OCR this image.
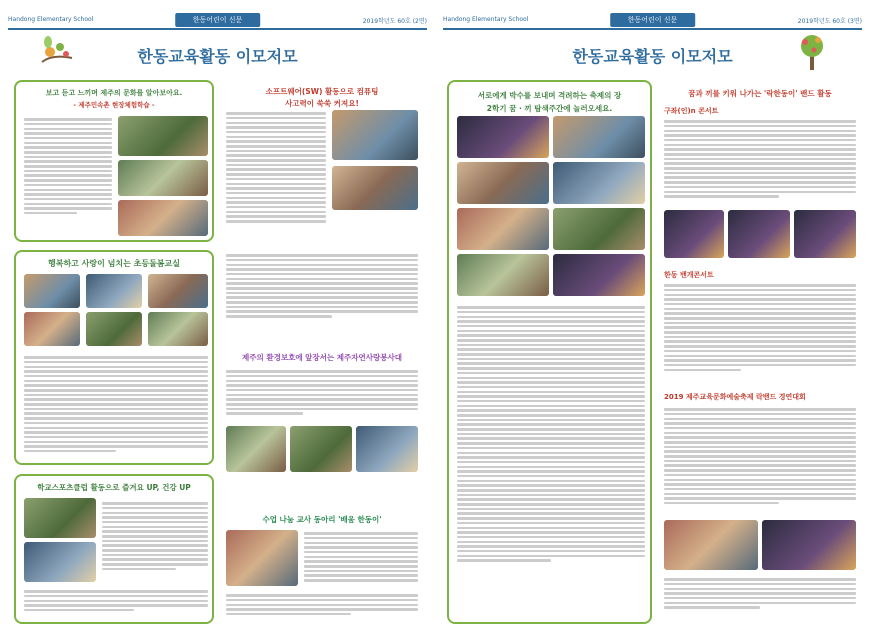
Handong Elementary School	한동어린이 신문	2019학년도 60호 (2면)
한동교육활동 이모저모
보고 듣고 느끼며 제주의 문화를 알아보아요.
- 제주민속촌 현장체험학습 -
행복하고 사랑이 넘치는 초등돌봄교실
학교스포츠클럽 활동으로 즐겨요 UP, 건강 UP
소프트웨어(SW) 활동으로 컴퓨팅
사고력이 쑥쑥 커져요!
제주의 환경보호에 앞장서는 제주자연사랑봉사대
수업 나눔 교사 동아리 '배움 한동이'
Handong Elementary School	한동어린이 신문	2019학년도 60호 (3면)
한동교육활동 이모저모
서로에게 박수를 보내며 격려하는 축제의 장
2학기 꿈 · 끼 탐색주간에 놀러오세요.
꿈과 끼를 키워 나가는 '락한동이' 밴드 활동
구좌(인)n 콘서트
한동 밴개콘서트
2019 제주교육문화예술축제 락밴드 경연대회
